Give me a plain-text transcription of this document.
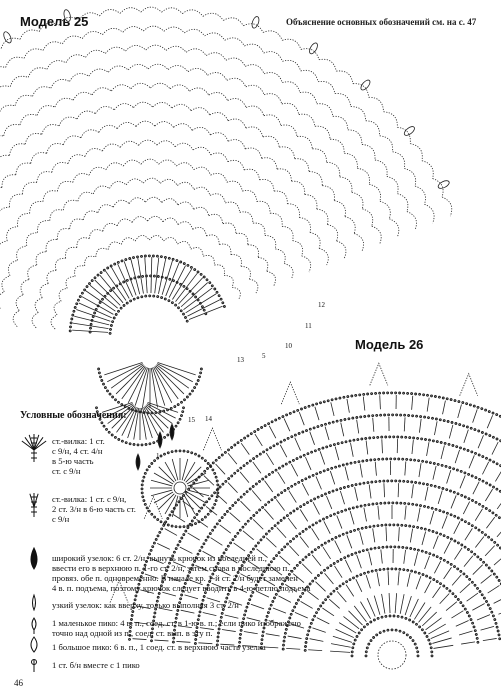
Модель 25	Объяснение основных обозначений см. на с. 47
Модель 26
1
5
10
11
12
13
14
15
Условные обозначения:
ст.-вилка: 1 ст.
с 9/н, 4 ст. 4/н
в 5-ю часть
ст. с 9/н
ст.-вилка: 1 ст. с 9/н,
2 ст. 3/н в 6-ю часть ст.
с 9/н
широкий узелок: 6 ст. 2/н, вынуть крючок из последней п.,
ввести его в верхнюю п. 1-го ст. 2/н, затем снова в последнюю п.,
провяз. обе п. одновременно. В начале кр. 1-й ст. 2/н будет заменен
4 в. п. подъема, поэтому крючок следует вводить в 4-ю петлю подъема
узкий узелок: как вверху, только выполняя 3 ст. 2/н
1 маленькое пико: 4 в. п., соед. ст. в 1-ю в. п.; если пико изображено
точно над одной из п., соед. ст. вып. в эту п.
1 большое пико: 6 в. п., 1 соед. ст. в верхнюю часть узелка
1 ст. б/н вместе с 1 пико
46
